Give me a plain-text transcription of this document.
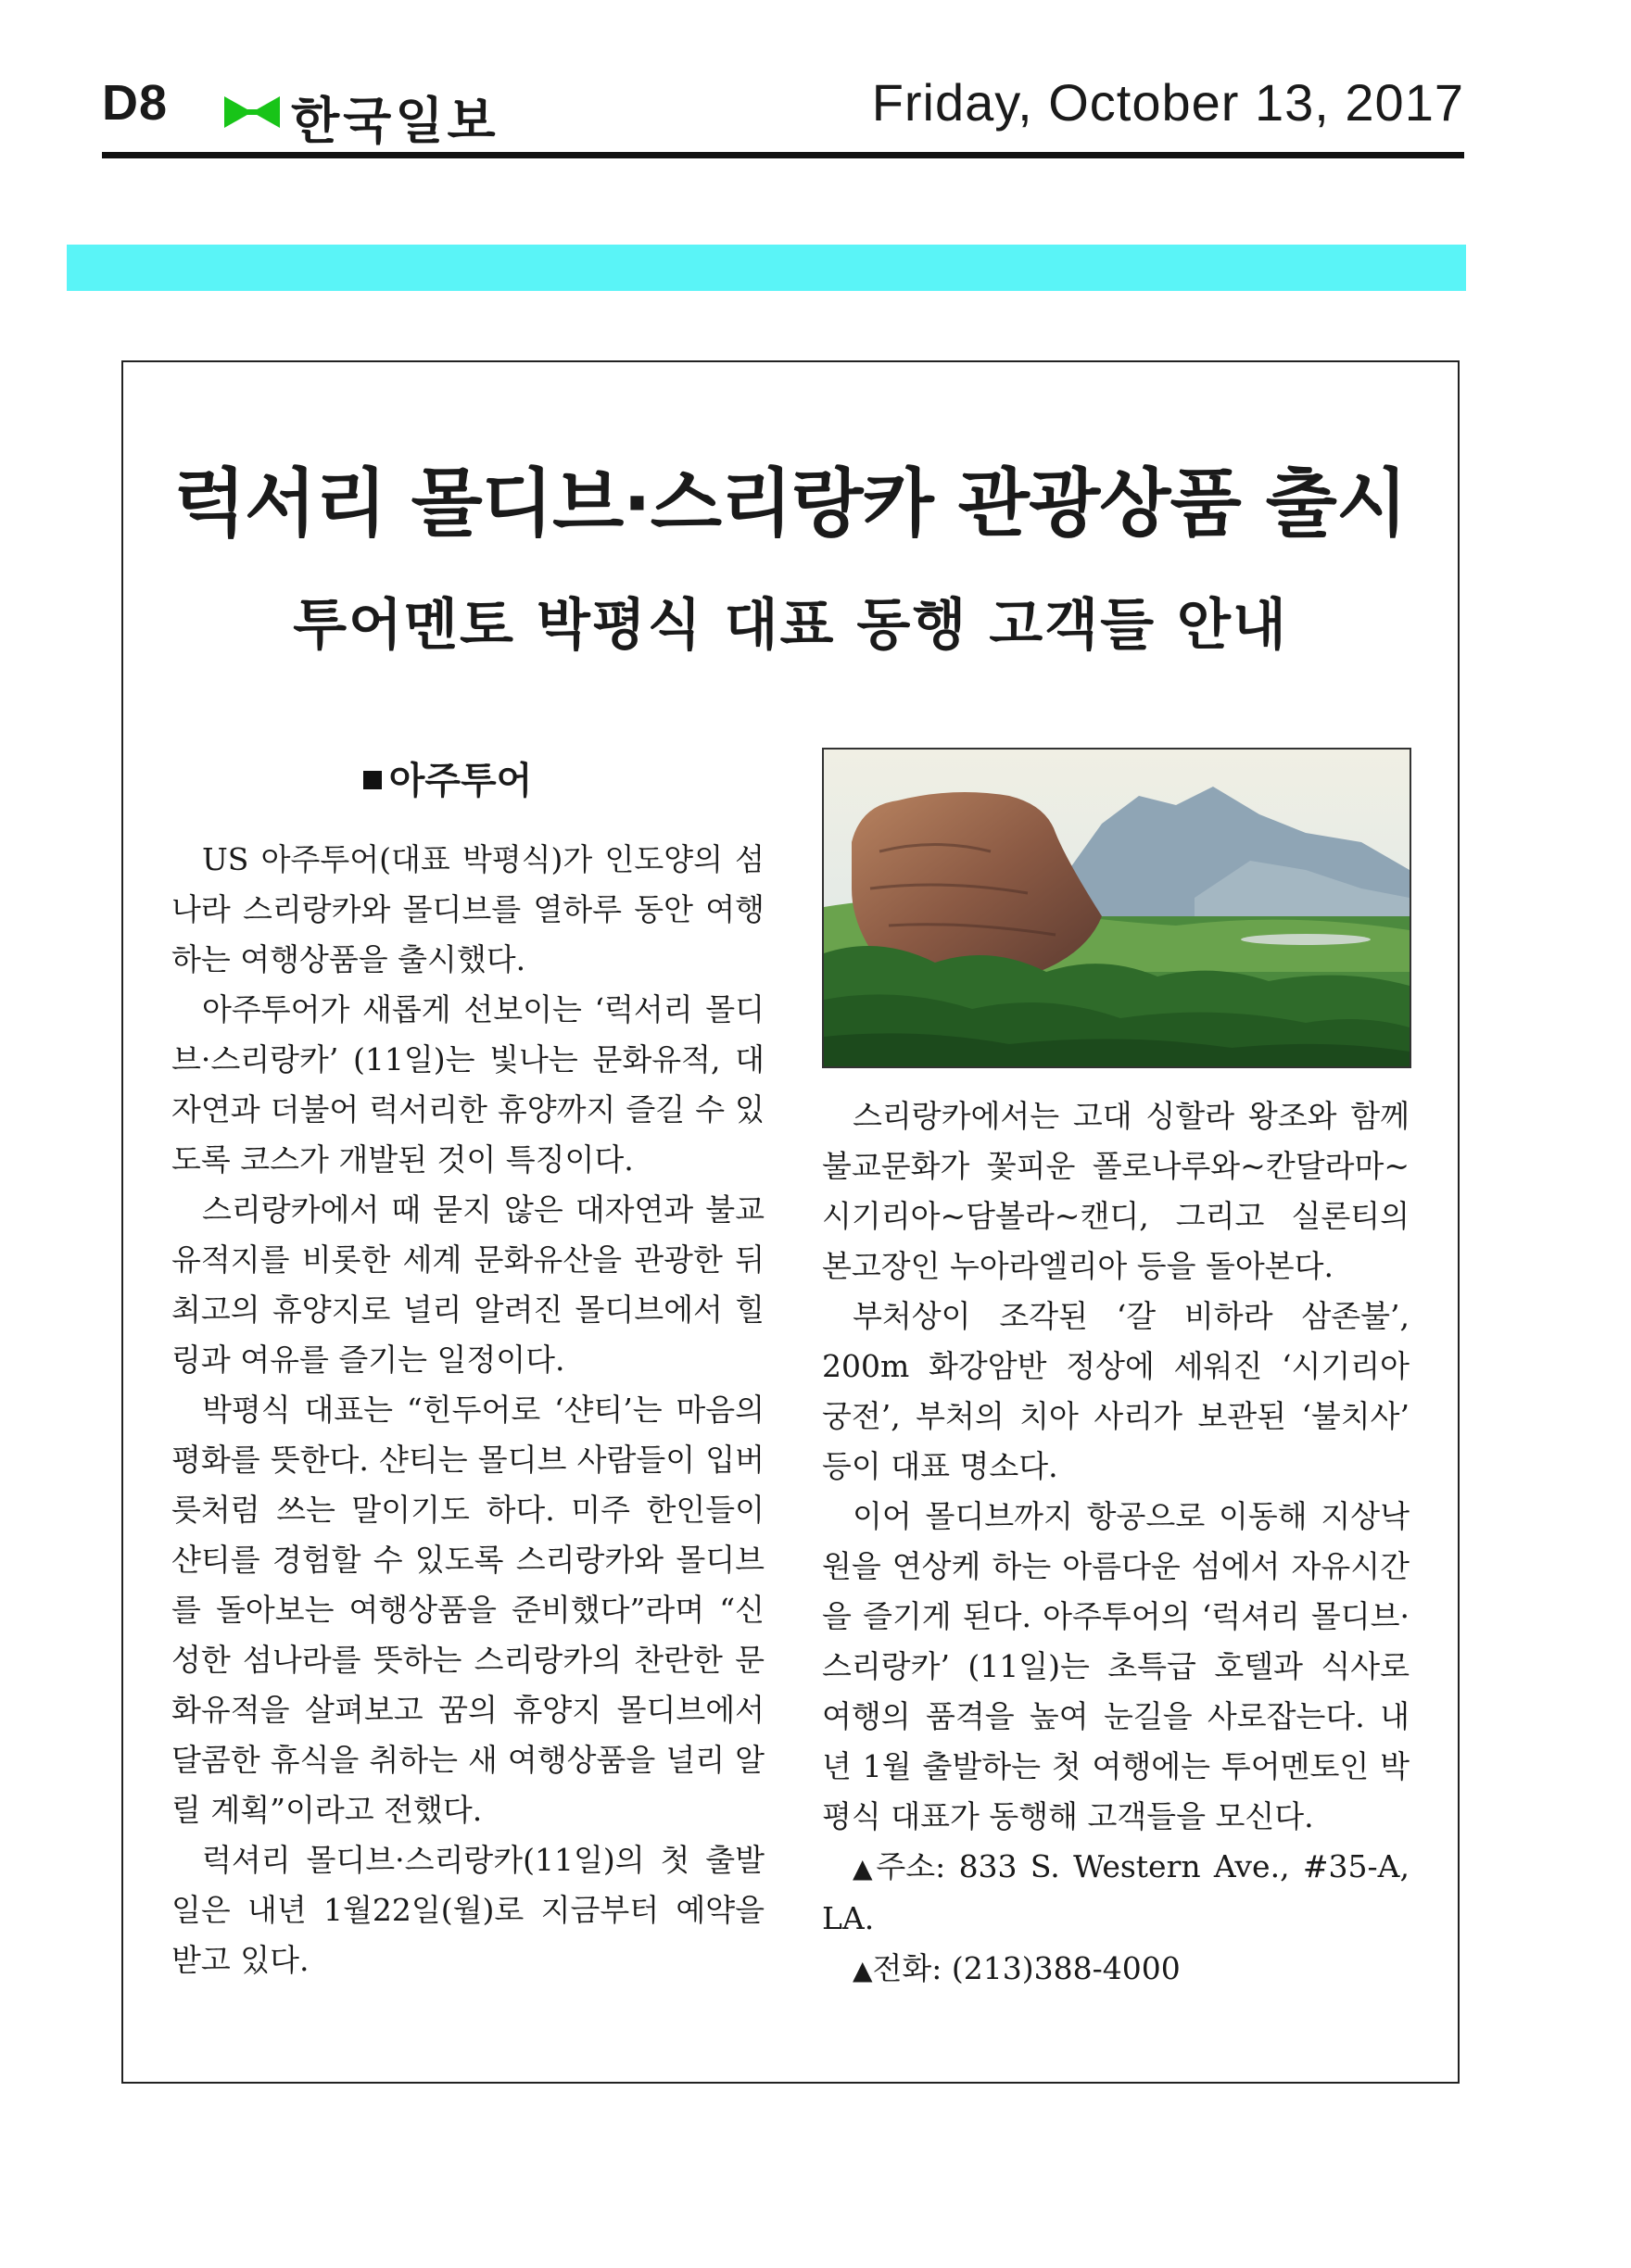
D8 한국일보	Friday, October 13, 2017
럭서리 몰디브·스리랑카 관광상품 출시
투어멘토 박평식 대표 동행 고객들 안내
아주투어

US 아주투어(대표 박평식)가 인도양의 섬나라 스리랑카와 몰디브를 열하루 동안 여행하는 여행상품을 출시했다.

아주투어가 새롭게 선보이는 ‘럭서리 몰디브·스리랑카’ (11일)는 빛나는 문화유적, 대자연과 더불어 럭서리한 휴양까지 즐길 수 있도록 코스가 개발된 것이 특징이다.

스리랑카에서 때 묻지 않은 대자연과 불교 유적지를 비롯한 세계 문화유산을 관광한 뒤 최고의 휴양지로 널리 알려진 몰디브에서 힐링과 여유를 즐기는 일정이다.

박평식 대표는 “힌두어로 ‘샨티’는 마음의 평화를 뜻한다. 샨티는 몰디브 사람들이 입버릇처럼 쓰는 말이기도 하다. 미주 한인들이 샨티를 경험할 수 있도록 스리랑카와 몰디브를 돌아보는 여행상품을 준비했다”라며 “신성한 섬나라를 뜻하는 스리랑카의 찬란한 문화유적을 살펴보고 꿈의 휴양지 몰디브에서 달콤한 휴식을 취하는 새 여행상품을 널리 알릴 계획”이라고 전했다.

럭셔리 몰디브·스리랑카(11일)의 첫 출발일은 내년 1월22일(월)로 지금부터 예약을 받고 있다.

스리랑카에서는 고대 싱할라 왕조와 함께 불교문화가 꽃피운 폴로나루와~칸달라마~시기리아~담볼라~캔디, 그리고 실론티의 본고장인 누아라엘리아 등을 돌아본다.

부처상이 조각된 ‘갈 비하라 삼존불’, 200m 화강암반 정상에 세워진 ‘시기리아 궁전’, 부처의 치아 사리가 보관된 ‘불치사’ 등이 대표 명소다.

이어 몰디브까지 항공으로 이동해 지상낙원을 연상케 하는 아름다운 섬에서 자유시간을 즐기게 된다. 아주투어의 ‘럭셔리 몰디브·스리랑카’ (11일)는 초특급 호텔과 식사로 여행의 품격을 높여 눈길을 사로잡는다. 내년 1월 출발하는 첫 여행에는 투어멘토인 박평식 대표가 동행해 고객들을 모신다.

▲주소: 833 S. Western Ave., #35-A, LA.
▲전화: (213)388-4000
